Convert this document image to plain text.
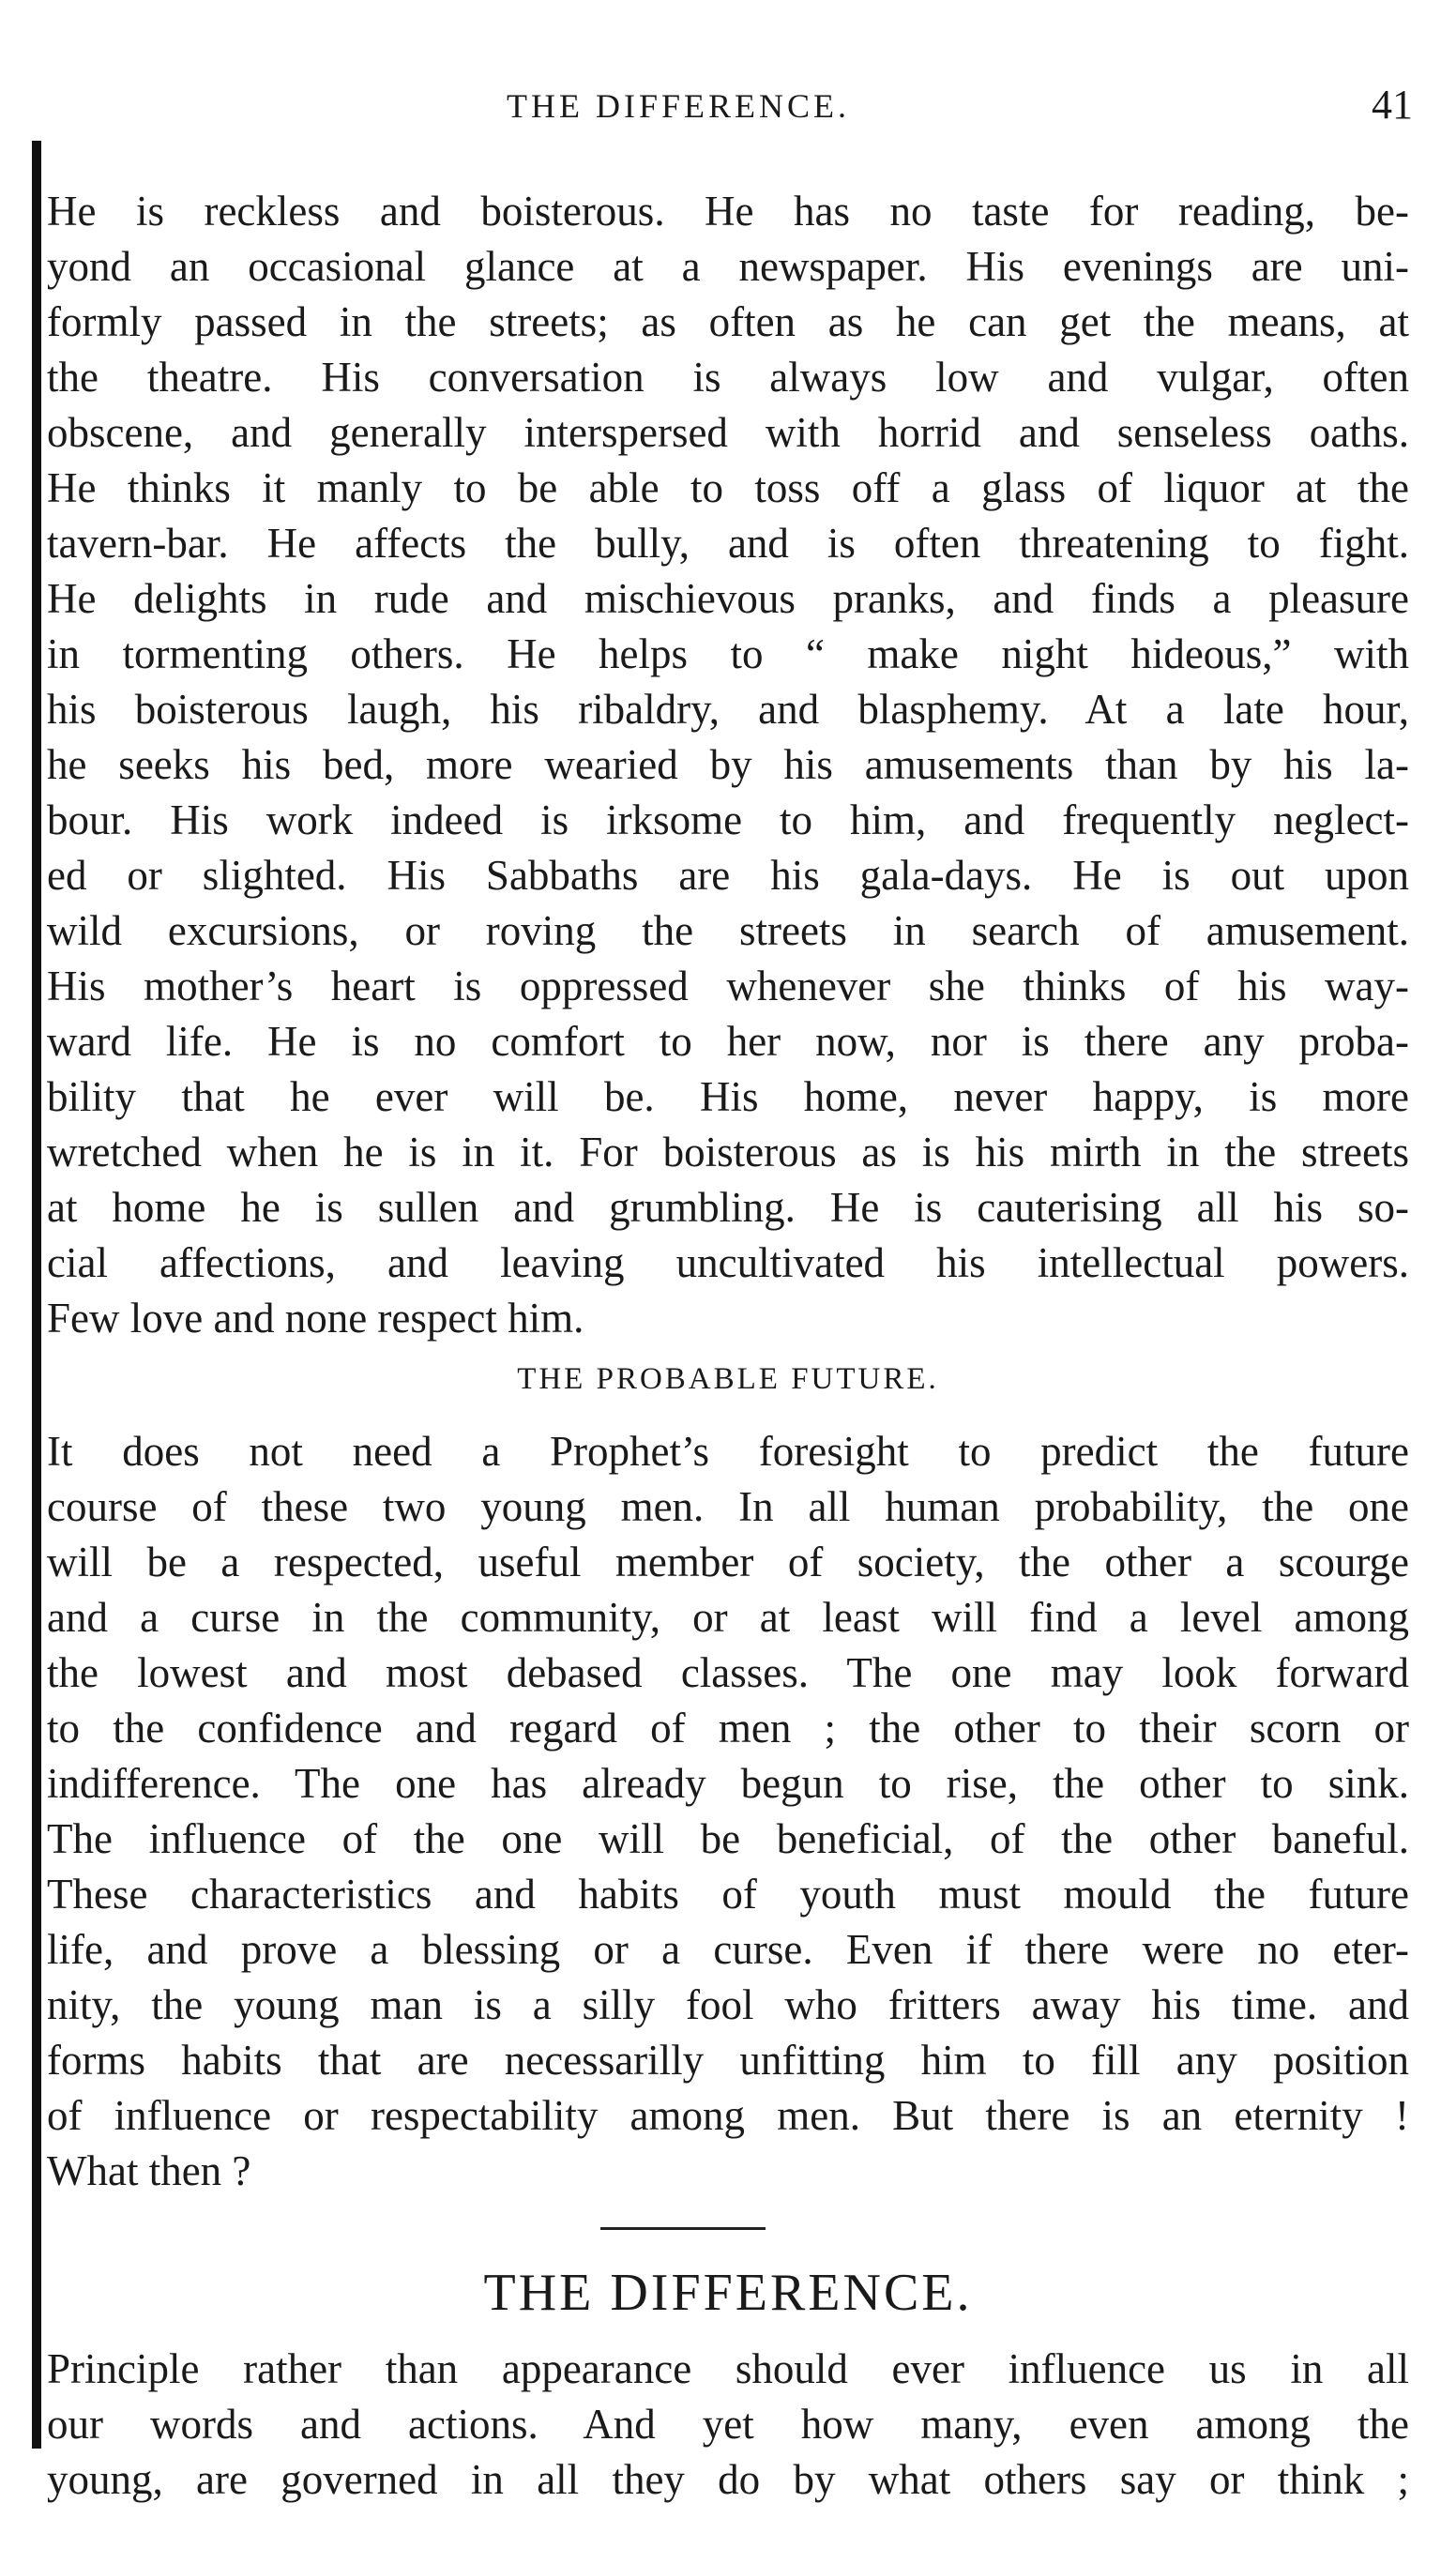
THE DIFFERENCE.	41
He is reckless and boisterous. He has no taste for reading, be-
yond an occasional glance at a newspaper. His evenings are uni-
formly passed in the streets; as often as he can get the means, at
the theatre. His conversation is always low and vulgar, often
obscene, and generally interspersed with horrid and senseless oaths.
He thinks it manly to be able to toss off a glass of liquor at the
tavern-bar. He affects the bully, and is often threatening to fight.
He delights in rude and mischievous pranks, and finds a pleasure
in tormenting others. He helps to “ make night hideous,” with
his boisterous laugh, his ribaldry, and blasphemy. At a late hour,
he seeks his bed, more wearied by his amusements than by his la-
bour. His work indeed is irksome to him, and frequently neglect-
ed or slighted. His Sabbaths are his gala-days. He is out upon
wild excursions, or roving the streets in search of amusement.
His mother’s heart is oppressed whenever she thinks of his way-
ward life. He is no comfort to her now, nor is there any proba-
bility that he ever will be. His home, never happy, is more
wretched when he is in it. For boisterous as is his mirth in the streets
at home he is sullen and grumbling. He is cauterising all his so-
cial affections, and leaving uncultivated his intellectual powers.
Few love and none respect him.
THE PROBABLE FUTURE.
It does not need a Prophet’s foresight to predict the future
course of these two young men. In all human probability, the one
will be a respected, useful member of society, the other a scourge
and a curse in the community, or at least will find a level among
the lowest and most debased classes. The one may look forward
to the confidence and regard of men ; the other to their scorn or
indifference. The one has already begun to rise, the other to sink.
The influence of the one will be beneficial, of the other baneful.
These characteristics and habits of youth must mould the future
life, and prove a blessing or a curse. Even if there were no eter-
nity, the young man is a silly fool who fritters away his time. and
forms habits that are necessarilly unfitting him to fill any position
of influence or respectability among men. But there is an eternity !
What then ?
THE DIFFERENCE.
Principle rather than appearance should ever influence us in all
our words and actions. And yet how many, even among the
young, are governed in all they do by what others say or think ;
